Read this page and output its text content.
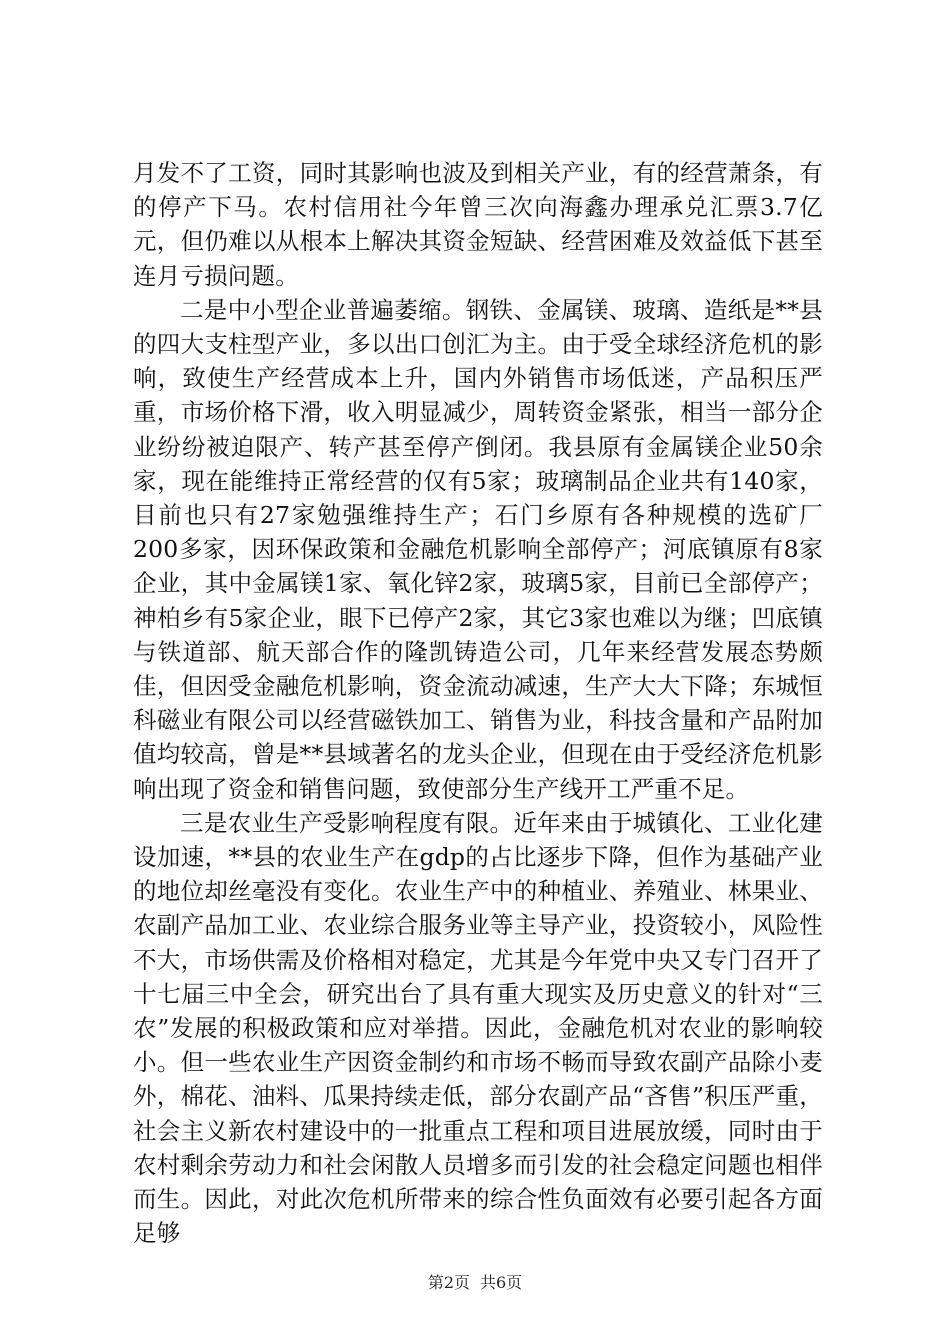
月发不了工资，同时其影响也波及到相关产业，有的经营萧条，有的停产下马。农村信用社今年曾三次向海鑫办理承兑汇票3.7亿元，但仍难以从根本上解决其资金短缺、经营困难及效益低下甚至连月亏损问题。

二是中小型企业普遍萎缩。钢铁、金属镁、玻璃、造纸是**县的四大支柱型产业，多以出口创汇为主。由于受全球经济危机的影响，致使生产经营成本上升，国内外销售市场低迷，产品积压严重，市场价格下滑，收入明显减少，周转资金紧张，相当一部分企业纷纷被迫限产、转产甚至停产倒闭。我县原有金属镁企业50余家，现在能维持正常经营的仅有5家；玻璃制品企业共有140家，目前也只有27家勉强维持生产；石门乡原有各种规模的选矿厂200多家，因环保政策和金融危机影响全部停产；河底镇原有8家企业，其中金属镁1家、氧化锌2家，玻璃5家，目前已全部停产；神柏乡有5家企业，眼下已停产2家，其它3家也难以为继；凹底镇与铁道部、航天部合作的隆凯铸造公司，几年来经营发展态势颇佳，但因受金融危机影响，资金流动减速，生产大大下降；东城恒科磁业有限公司以经营磁铁加工、销售为业，科技含量和产品附加值均较高，曾是**县域著名的龙头企业，但现在由于受经济危机影响出现了资金和销售问题，致使部分生产线开工严重不足。

三是农业生产受影响程度有限。近年来由于城镇化、工业化建设加速，**县的农业生产在gdp的占比逐步下降，但作为基础产业的地位却丝毫没有变化。农业生产中的种植业、养殖业、林果业、农副产品加工业、农业综合服务业等主导产业，投资较小，风险性不大，市场供需及价格相对稳定，尤其是今年党中央又专门召开了十七届三中全会，研究出台了具有重大现实及历史意义的针对“三农”发展的积极政策和应对举措。因此，金融危机对农业的影响较小。但一些农业生产因资金制约和市场不畅而导致农副产品除小麦外，棉花、油料、瓜果持续走低，部分农副产品“吝售”积压严重，社会主义新农村建设中的一批重点工程和项目进展放缓，同时由于农村剩余劳动力和社会闲散人员增多而引发的社会稳定问题也相伴而生。因此，对此次危机所带来的综合性负面效有必要引起各方面足够

第2页 共6页
